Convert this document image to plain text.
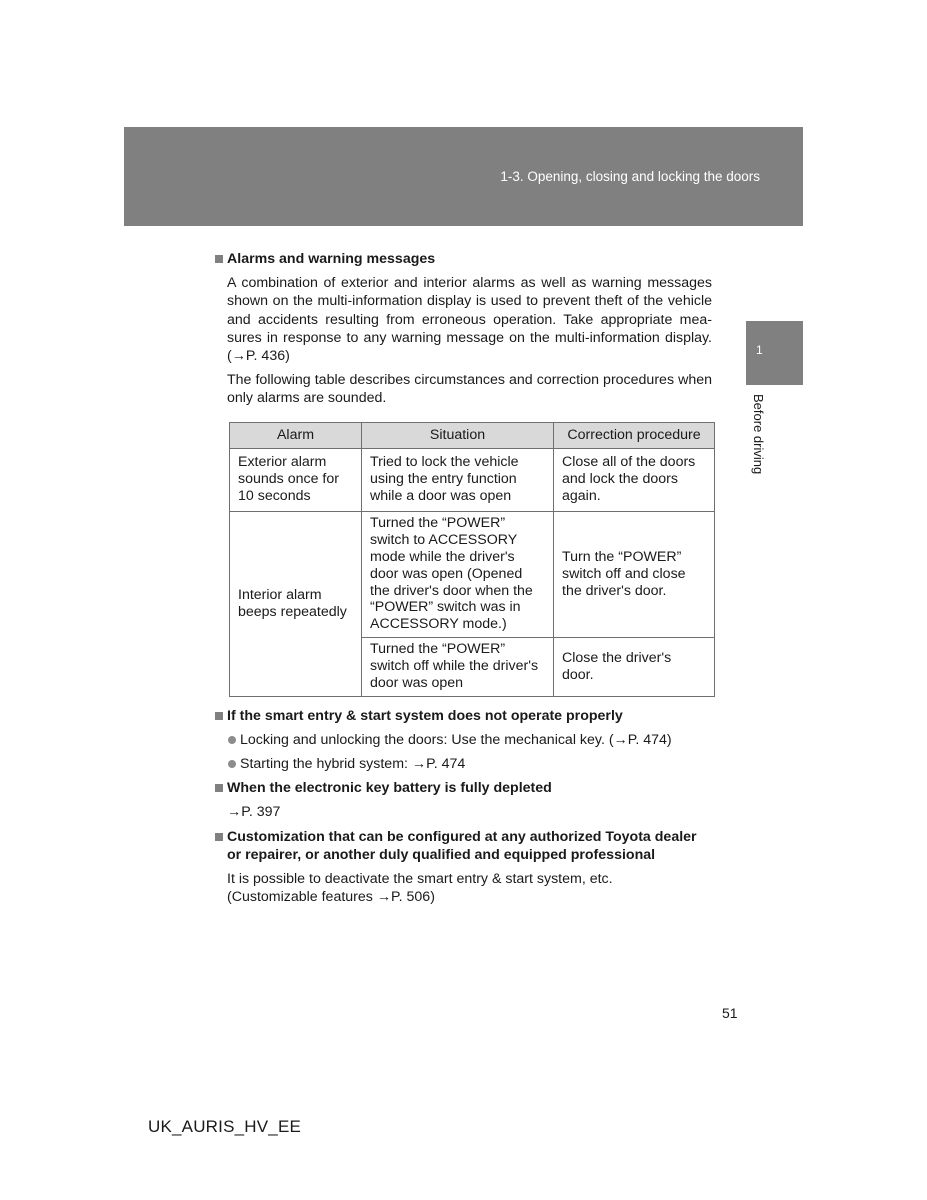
1-3. Opening, closing and locking the doors
1
Before driving
Alarms and warning messages
A combination of exterior and interior alarms as well as warning messages shown on the multi-information display is used to prevent theft of the vehicle and accidents resulting from erroneous operation. Take appropriate mea-sures in response to any warning message on the multi-information display. (→P. 436)
The following table describes circumstances and correction procedures when only alarms are sounded.
Alarm	Situation	Correction procedure
Exterior alarm sounds once for 10 seconds	Tried to lock the vehicle using the entry function while a door was open	Close all of the doors and lock the doors again.
Interior alarm beeps repeatedly	Turned the “POWER” switch to ACCESSORY mode while the driver's door was open (Opened the driver's door when the “POWER” switch was in ACCESSORY mode.)	Turn the “POWER” switch off and close the driver's door.
	Turned the “POWER” switch off while the driver's door was open	Close the driver's door.
If the smart entry & start system does not operate properly
Locking and unlocking the doors: Use the mechanical key. (→P. 474)
Starting the hybrid system: →P. 474
When the electronic key battery is fully depleted
→P. 397
Customization that can be configured at any authorized Toyota dealer or repairer, or another duly qualified and equipped professional
It is possible to deactivate the smart entry & start system, etc.
(Customizable features →P. 506)
51
UK_AURIS_HV_EE
